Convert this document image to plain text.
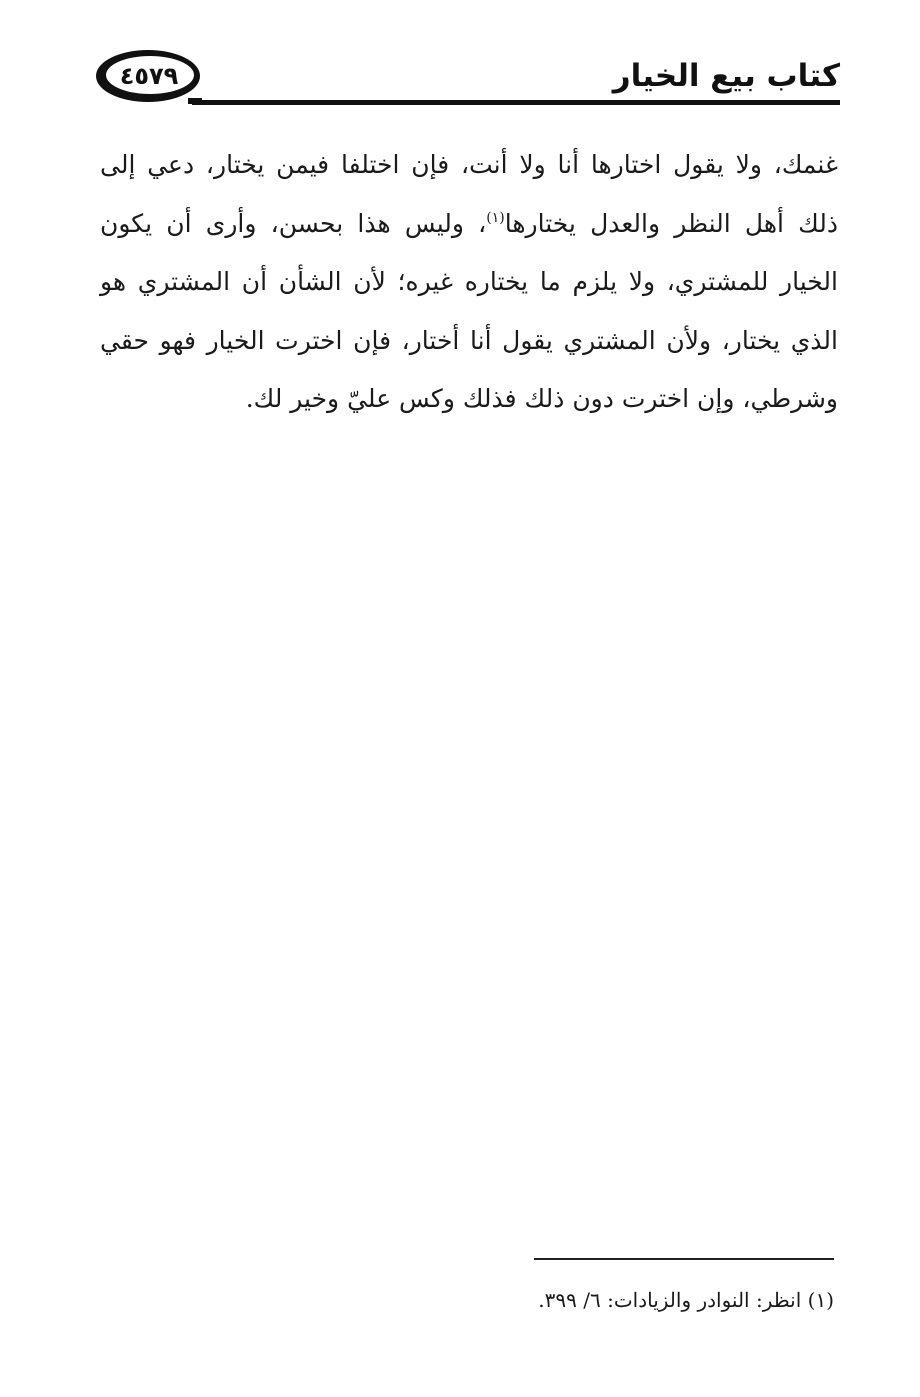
٤٥٧٩	كتاب بيع الخيار

غنمك، ولا يقول اختارها أنا ولا أنت، فإن اختلفا فيمن يختار، دعي إلى ذلك أهل النظر والعدل يختارها$^{(١)}$، وليس هذا بحسن، وأرى أن يكون الخيار للمشتري، ولا يلزم ما يختاره غيره؛ لأن الشأن أن المشتري هو الذي يختار، ولأن المشتري يقول أنا أختار، فإن اخترت الخيار فهو حقي وشرطي، وإن اخترت دون ذلك فذلك وكس عليّ وخير لك.

(١) انظر: النوادر والزيادات: ٦/ ٣٩٩.
